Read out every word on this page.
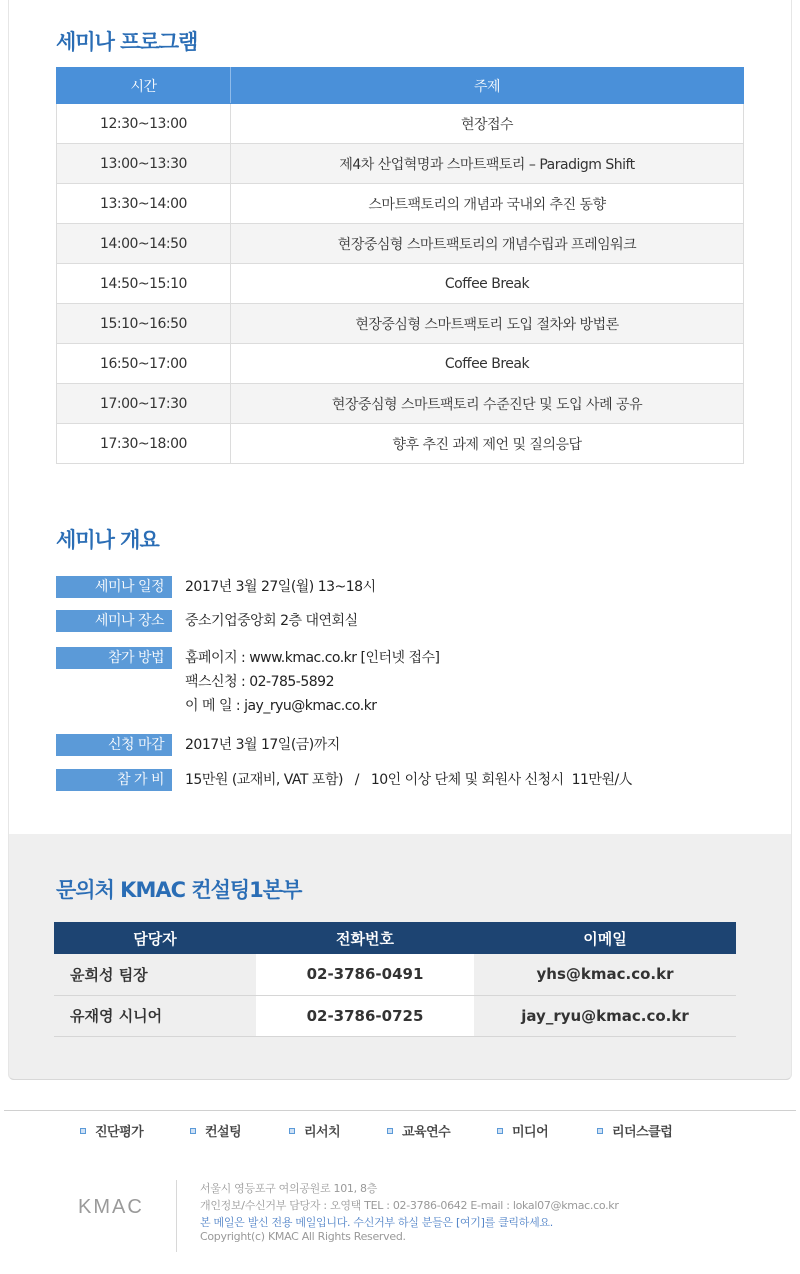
세미나 프로그램
시간	주제
12:30~13:00	현장접수
13:00~13:30	제4차 산업혁명과 스마트팩토리 – Paradigm Shift
13:30~14:00	스마트팩토리의 개념과 국내외 추진 동향
14:00~14:50	현장중심형 스마트팩토리의 개념수립과 프레임워크
14:50~15:10	Coffee Break
15:10~16:50	현장중심형 스마트팩토리 도입 절차와 방법론
16:50~17:00	Coffee Break
17:00~17:30	현장중심형 스마트팩토리 수준진단 및 도입 사례 공유
17:30~18:00	향후 추진 과제 제언 및 질의응답
세미나 개요
세미나 일정	2017년 3월 27일(월) 13~18시
세미나 장소	중소기업중앙회 2층 대연회실
참가 방법	홈페이지 : www.kmac.co.kr [인터넷 접수]
팩스신청 : 02-785-5892
이 메 일 : jay_ryu@kmac.co.kr
신청 마감	2017년 3월 17일(금)까지
참 가 비	15만원 (교재비, VAT 포함)   /   10인 이상 단체 및 회원사 신청시  11만원/人
문의처 KMAC 컨설팅1본부
담당자	전화번호	이메일
윤희성 팀장	02-3786-0491	yhs@kmac.co.kr
유재영 시니어	02-3786-0725	jay_ryu@kmac.co.kr
진단평가	컨설팅	리서치	교육연수	미디어	리더스클럽
KMAC
서울시 영등포구 여의공원로 101, 8층
개인정보/수신거부 담당자 : 오영택 TEL : 02-3786-0642 E-mail : lokal07@kmac.co.kr
본 메일은 발신 전용 메일입니다. 수신거부 하실 분들은 [여기]를 클릭하세요.
Copyright(c) KMAC All Rights Reserved.
